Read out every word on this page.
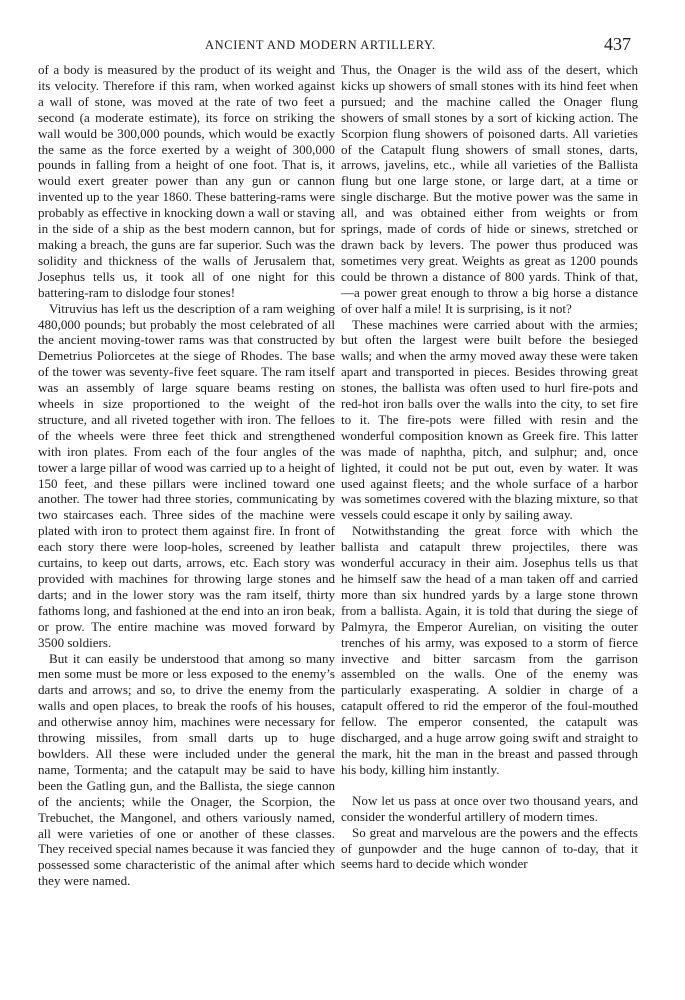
ANCIENT AND MODERN ARTILLERY.	437

of a body is measured by the product of its weight and its velocity. Therefore if this ram, when worked against a wall of stone, was moved at the rate of two feet a second (a moderate estimate), its force on striking the wall would be 300,000 pounds, which would be exactly the same as the force exerted by a weight of 300,000 pounds in falling from a height of one foot. That is, it would exert greater power than any gun or cannon invented up to the year 1860. These battering-rams were probably as effective in knocking down a wall or staving in the side of a ship as the best modern cannon, but for making a breach, the guns are far superior. Such was the solidity and thickness of the walls of Jerusalem that, Josephus tells us, it took all of one night for this battering-ram to dislodge four stones!

Vitruvius has left us the description of a ram weighing 480,000 pounds; but probably the most celebrated of all the ancient moving-tower rams was that constructed by Demetrius Poliorcetes at the siege of Rhodes. The base of the tower was seventy-five feet square. The ram itself was an assembly of large square beams resting on wheels in size proportioned to the weight of the structure, and all riveted together with iron. The felloes of the wheels were three feet thick and strengthened with iron plates. From each of the four angles of the tower a large pillar of wood was carried up to a height of 150 feet, and these pillars were inclined toward one another. The tower had three stories, communicating by two staircases each. Three sides of the machine were plated with iron to protect them against fire. In front of each story there were loop-holes, screened by leather curtains, to keep out darts, arrows, etc. Each story was provided with machines for throwing large stones and darts; and in the lower story was the ram itself, thirty fathoms long, and fashioned at the end into an iron beak, or prow. The entire machine was moved forward by 3500 soldiers.

But it can easily be understood that among so many men some must be more or less exposed to the enemy’s darts and arrows; and so, to drive the enemy from the walls and open places, to break the roofs of his houses, and otherwise annoy him, machines were necessary for throwing missiles, from small darts up to huge bowlders. All these were included under the general name, Tormenta; and the catapult may be said to have been the Gatling gun, and the Ballista, the siege cannon of the ancients; while the Onager, the Scorpion, the Trebuchet, the Mangonel, and others variously named, all were varieties of one or another of these classes. They received special names because it was fancied they possessed some characteristic of the animal after which they were named.

Thus, the Onager is the wild ass of the desert, which kicks up showers of small stones with its hind feet when pursued; and the machine called the Onager flung showers of small stones by a sort of kicking action. The Scorpion flung showers of poisoned darts. All varieties of the Catapult flung showers of small stones, darts, arrows, javelins, etc., while all varieties of the Ballista flung but one large stone, or large dart, at a time or single discharge. But the motive power was the same in all, and was obtained either from weights or from springs, made of cords of hide or sinews, stretched or drawn back by levers. The power thus produced was sometimes very great. Weights as great as 1200 pounds could be thrown a distance of 800 yards. Think of that,—a power great enough to throw a big horse a distance of over half a mile! It is surprising, is it not?

These machines were carried about with the armies; but often the largest were built before the besieged walls; and when the army moved away these were taken apart and transported in pieces. Besides throwing great stones, the ballista was often used to hurl fire-pots and red-hot iron balls over the walls into the city, to set fire to it. The fire-pots were filled with resin and the wonderful composition known as Greek fire. This latter was made of naphtha, pitch, and sulphur; and, once lighted, it could not be put out, even by water. It was used against fleets; and the whole surface of a harbor was sometimes covered with the blazing mixture, so that vessels could escape it only by sailing away.

Notwithstanding the great force with which the ballista and catapult threw projectiles, there was wonderful accuracy in their aim. Josephus tells us that he himself saw the head of a man taken off and carried more than six hundred yards by a large stone thrown from a ballista. Again, it is told that during the siege of Palmyra, the Emperor Aurelian, on visiting the outer trenches of his army, was exposed to a storm of fierce invective and bitter sarcasm from the garrison assembled on the walls. One of the enemy was particularly exasperating. A soldier in charge of a catapult offered to rid the emperor of the foul-mouthed fellow. The emperor consented, the catapult was discharged, and a huge arrow going swift and straight to the mark, hit the man in the breast and passed through his body, killing him instantly.

Now let us pass at once over two thousand years, and consider the wonderful artillery of modern times.

So great and marvelous are the powers and the effects of gunpowder and the huge cannon of to-day, that it seems hard to decide which wonder
